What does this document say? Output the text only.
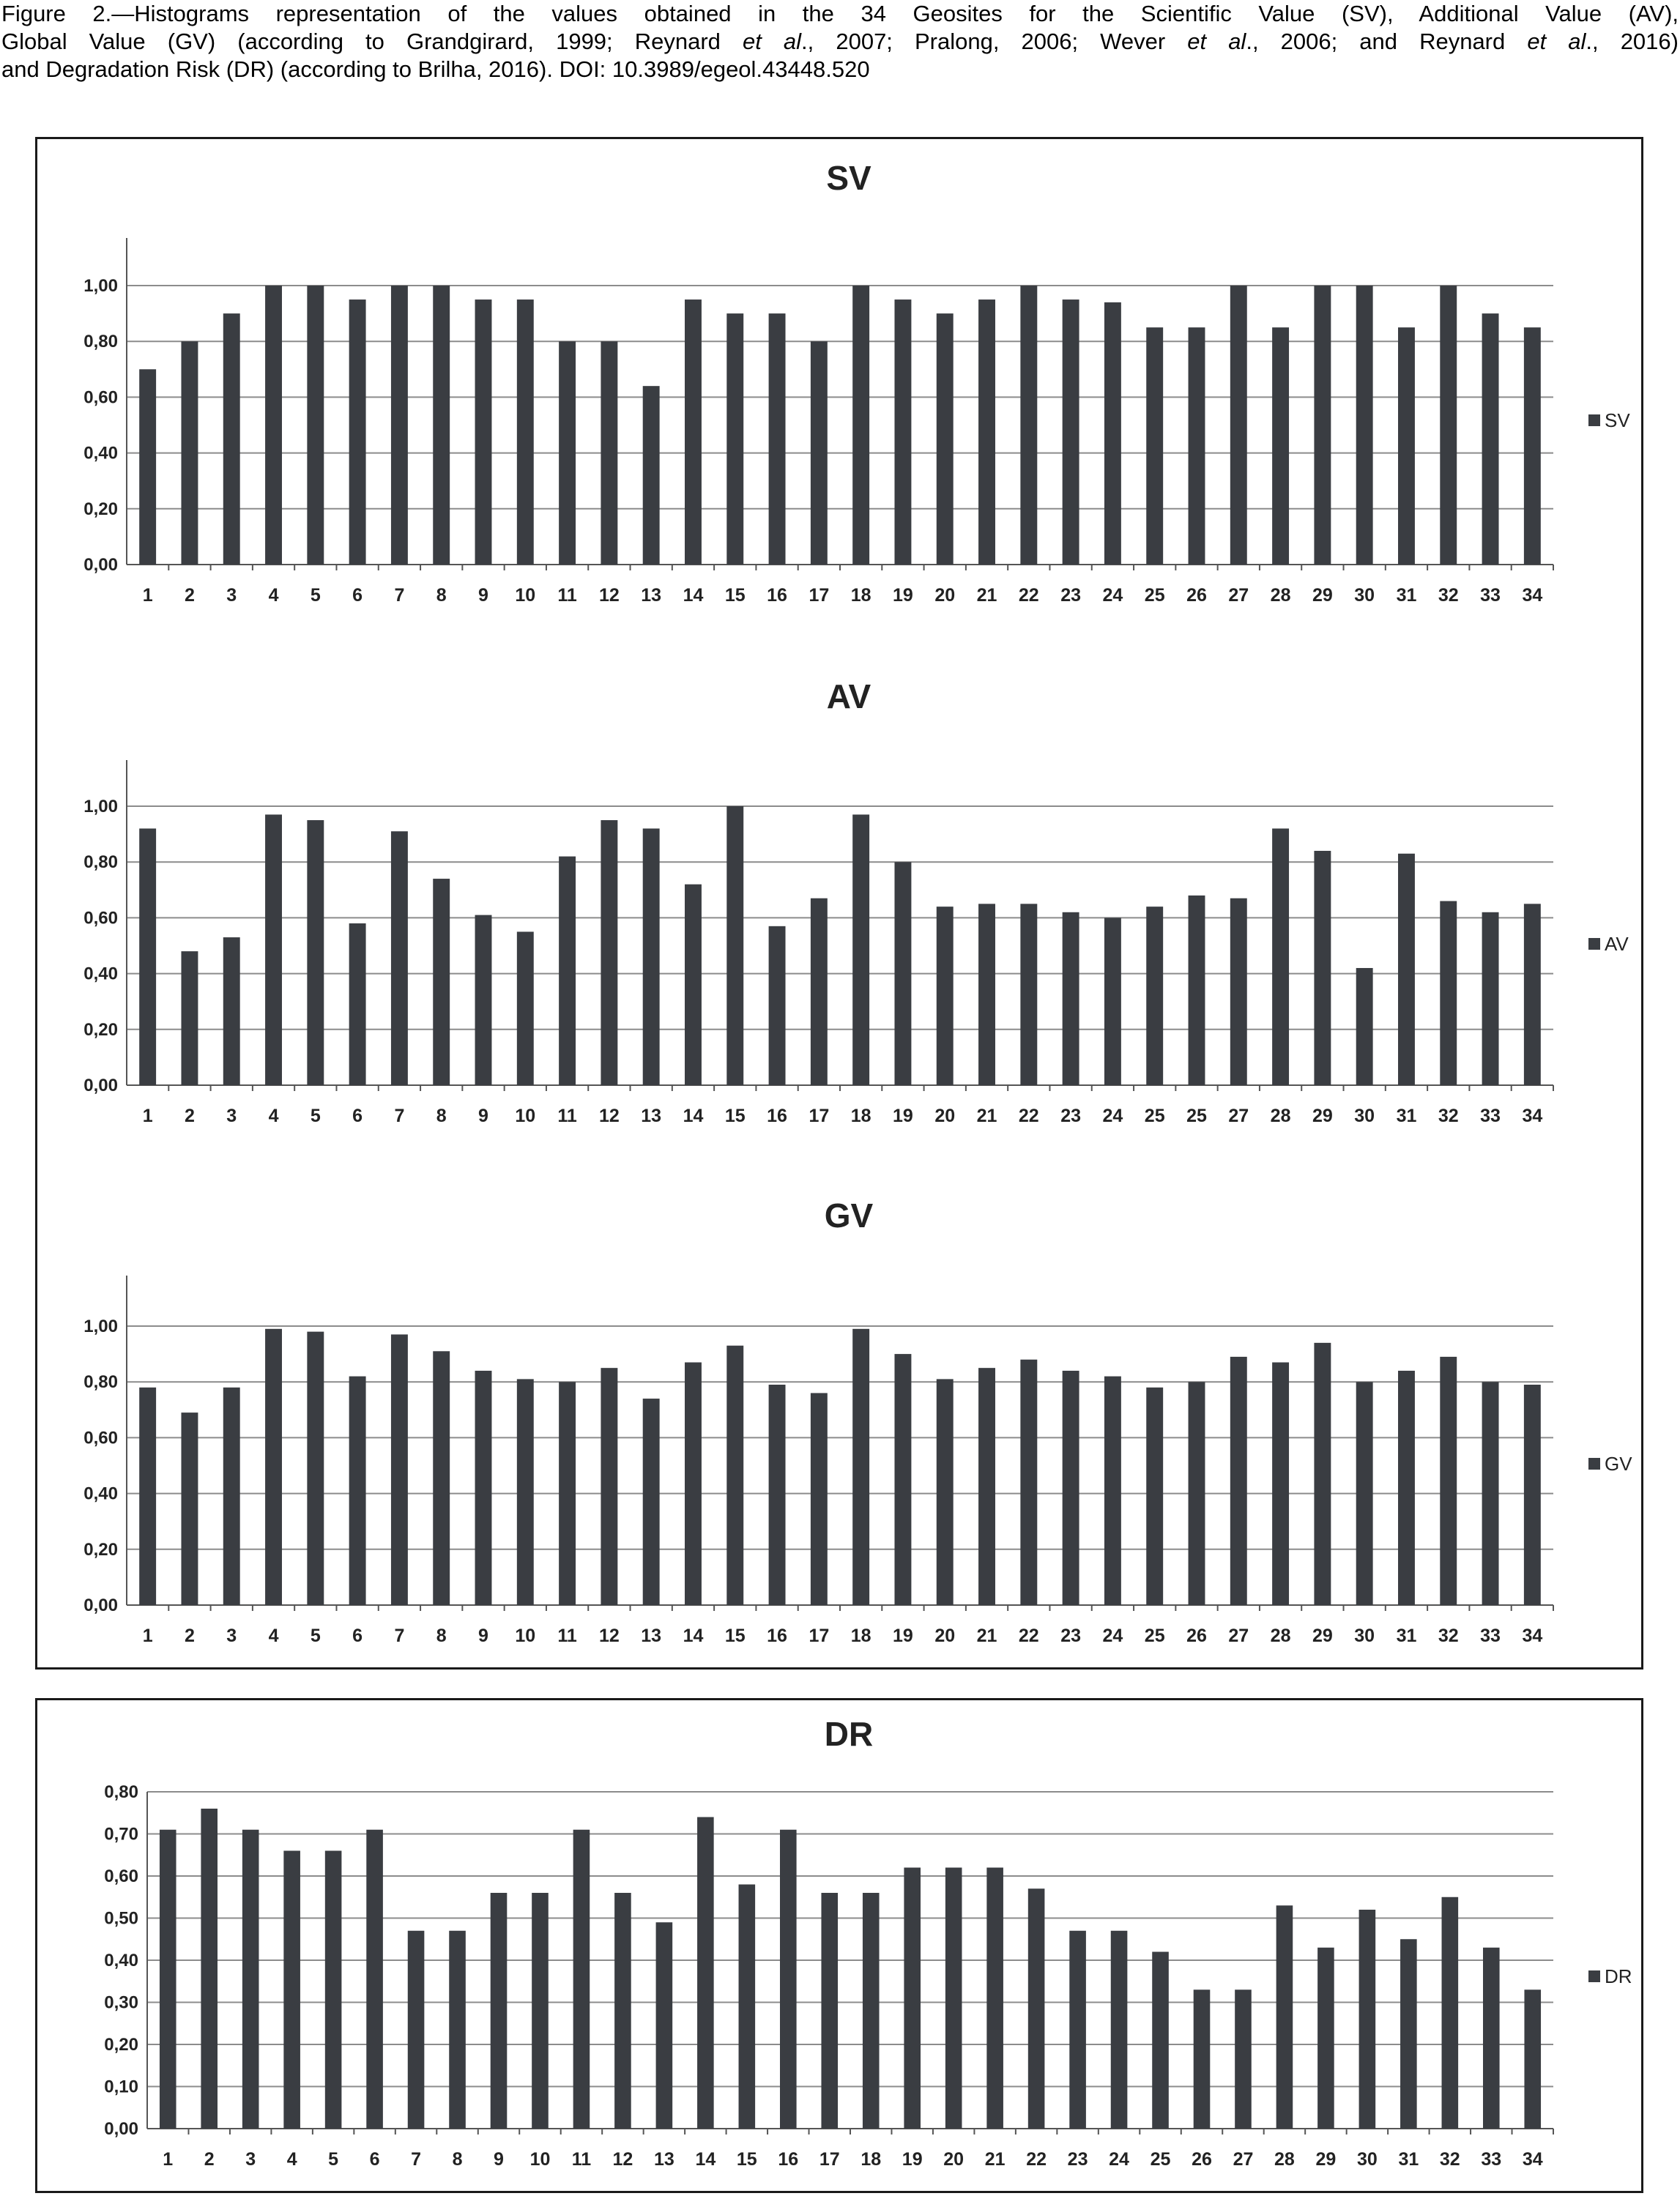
Figure 2.—Histograms representation of the values obtained in the 34 Geosites for the Scientific Value (SV), Additional Value (AV),
Global Value (GV) (according to Grandgirard, 1999; Reynard et al., 2007; Pralong, 2006; Wever et al., 2006; and Reynard et al., 2016)
and Degradation Risk (DR) (according to Brilha, 2016). DOI: 10.3989/egeol.43448.520
SV
0,00
0,20
0,40
0,60
0,80
1,00
1 2 3 4 5 6 7 8 9 10 11 12 13 14 15 16 17 18 19 20 21 22 23 24 25 26 27 28 29 30 31 32 33 34
SV
AV
0,00
0,20
0,40
0,60
0,80
1,00
1 2 3 4 5 6 7 8 9 10 11 12 13 14 15 16 17 18 19 20 21 22 23 24 25 25 27 28 29 30 31 32 33 34
AV
GV
0,00
0,20
0,40
0,60
0,80
1,00
1 2 3 4 5 6 7 8 9 10 11 12 13 14 15 16 17 18 19 20 21 22 23 24 25 26 27 28 29 30 31 32 33 34
GV
DR
0,00
0,10
0,20
0,30
0,40
0,50
0,60
0,70
0,80
1 2 3 4 5 6 7 8 9 10 11 12 13 14 15 16 17 18 19 20 21 22 23 24 25 26 27 28 29 30 31 32 33 34
DR
